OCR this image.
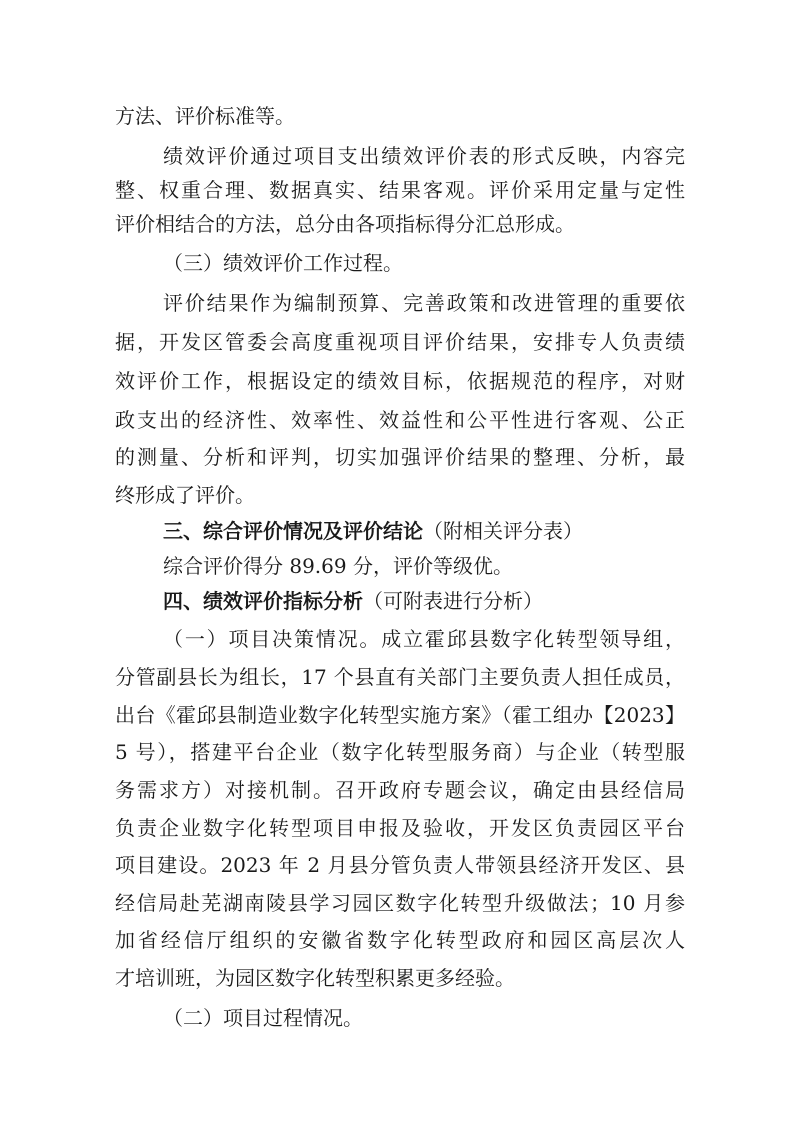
方法、评价标准等。

绩效评价通过项目支出绩效评价表的形式反映，内容完

整、权重合理、数据真实、结果客观。评价采用定量与定性

评价相结合的方法，总分由各项指标得分汇总形成。

（三）绩效评价工作过程。

评价结果作为编制预算、完善政策和改进管理的重要依

据，开发区管委会高度重视项目评价结果，安排专人负责绩

效评价工作，根据设定的绩效目标，依据规范的程序，对财

政支出的经济性、效率性、效益性和公平性进行客观、公正

的测量、分析和评判，切实加强评价结果的整理、分析，最

终形成了评价。

三、综合评价情况及评价结论（附相关评分表）

综合评价得分 89.69 分，评价等级优。

四、绩效评价指标分析（可附表进行分析）

（一）项目决策情况。成立霍邱县数字化转型领导组，

分管副县长为组长，17 个县直有关部门主要负责人担任成员，

出台《霍邱县制造业数字化转型实施方案》（霍工组办【2023】

5 号），搭建平台企业（数字化转型服务商）与企业（转型服

务需求方）对接机制。召开政府专题会议，确定由县经信局

负责企业数字化转型项目申报及验收，开发区负责园区平台

项目建设。2023 年 2 月县分管负责人带领县经济开发区、县

经信局赴芜湖南陵县学习园区数字化转型升级做法；10 月参

加省经信厅组织的安徽省数字化转型政府和园区高层次人

才培训班，为园区数字化转型积累更多经验。

（二）项目过程情况。
